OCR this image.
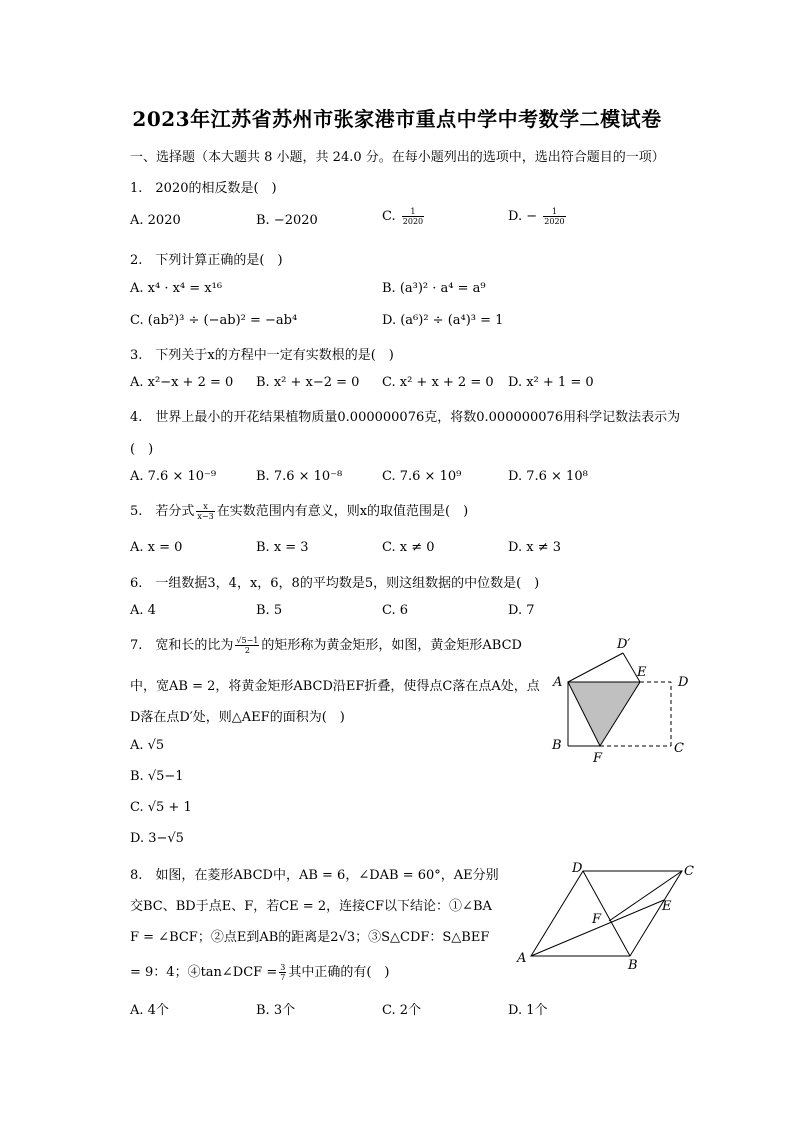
2023年江苏省苏州市张家港市重点中学中考数学二模试卷
一、选择题（本大题共 8 小题，共 24.0 分。在每小题列出的选项中，选出符合题目的一项）
1.　2020的相反数是(　)
A. 2020	B. −2020	C. $\frac{1}{2020}$	D. − $\frac{1}{2020}$
2.　下列计算正确的是(　)
A. x⁴ · x⁴ = x¹⁶	B. (a³)² · a⁴ = a⁹
C. (ab²)³ ÷ (−ab)² = −ab⁴	D. (a⁶)² ÷ (a⁴)³ = 1
3.　下列关于x的方程中一定有实数根的是(　)
A. x²−x + 2 = 0 B. x² + x−2 = 0 C. x² + x + 2 = 0 D. x² + 1 = 0
4.　世界上最小的开花结果植物质量0.000000076克，将数0.000000076用科学记数法表示为
(　)
A. 7.6 × 10⁻⁹	B. 7.6 × 10⁻⁸	C. 7.6 × 10⁹	D. 7.6 × 10⁸
5.　若分式 $\frac{x}{x-3}$ 在实数范围内有意义，则x的取值范围是(　)
A. x = 0	B. x = 3	C. x ≠ 0	D. x ≠ 3
6.　一组数据3，4，x，6，8的平均数是5，则这组数据的中位数是(　)
A. 4	B. 5	C. 6	D. 7
7.　宽和长的比为 $\frac{√5-1}{2}$ 的矩形称为黄金矩形，如图，黄金矩形ABCD
中，宽AB = 2，将黄金矩形ABCD沿EF折叠，使得点C落在点A处，点
D落在点D′处，则△AEF的面积为(　)
A. √5
B. √5−1
C. √5 + 1
D. 3−√5
A
B	C
D
E
F
D′
8.　如图，在菱形ABCD中，AB = 6，∠DAB = 60°，AE分别
交BC、BD于点E、F，若CE = 2，连接CF以下结论：①∠BA
F = ∠BCF；②点E到AB的距离是2√3；③S△CDF：S△BEF
= 9：4；④tan∠DCF = $\frac{3}{7}$ 其中正确的有(　)
A. 4个	B. 3个	C. 2个	D. 1个
A	B
C
D
E
F
